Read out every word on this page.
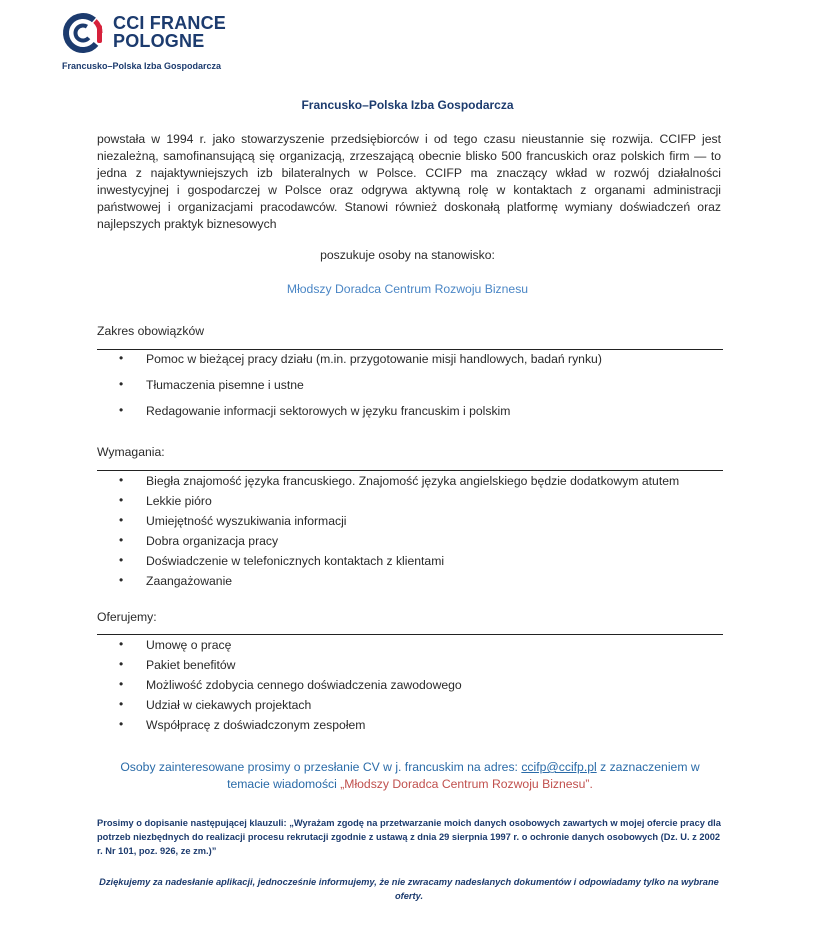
CCI FRANCE
POLOGNE
Francusko–Polska Izba Gospodarcza
Francusko–Polska Izba Gospodarcza
powstała w 1994 r. jako stowarzyszenie przedsiębiorców i od tego czasu nieustannie się rozwija. CCIFP jest niezależną, samofinansującą się organizacją, zrzeszającą obecnie blisko 500 francuskich oraz polskich firm — to jedna z najaktywniejszych izb bilateralnych w Polsce. CCIFP ma znaczący wkład w rozwój działalności inwestycyjnej i gospodarczej w Polsce oraz odgrywa aktywną rolę w kontaktach z organami administracji państwowej i organizacjami pracodawców. Stanowi również doskonałą platformę wymiany doświadczeń oraz najlepszych praktyk biznesowych
poszukuje osoby na stanowisko:
Młodszy Doradca Centrum Rozwoju Biznesu
Zakres obowiązków
• Pomoc w bieżącej pracy działu (m.in. przygotowanie misji handlowych, badań rynku)
• Tłumaczenia pisemne i ustne
• Redagowanie informacji sektorowych w języku francuskim i polskim
Wymagania:
• Biegła znajomość języka francuskiego. Znajomość języka angielskiego będzie dodatkowym atutem
• Lekkie pióro
• Umiejętność wyszukiwania informacji
• Dobra organizacja pracy
• Doświadczenie w telefonicznych kontaktach z klientami
• Zaangażowanie
Oferujemy:
• Umowę o pracę
• Pakiet benefitów
• Możliwość zdobycia cennego doświadczenia zawodowego
• Udział w ciekawych projektach
• Współpracę z doświadczonym zespołem
Osoby zainteresowane prosimy o przesłanie CV w j. francuskim na adres: ccifp@ccifp.pl z zaznaczeniem w temacie wiadomości „Młodszy Doradca Centrum Rozwoju Biznesu”.
Prosimy o dopisanie następującej klauzuli: „Wyrażam zgodę na przetwarzanie moich danych osobowych zawartych w mojej ofercie pracy dla potrzeb niezbędnych do realizacji procesu rekrutacji zgodnie z ustawą z dnia 29 sierpnia 1997 r. o ochronie danych osobowych (Dz. U. z 2002 r. Nr 101, poz. 926, ze zm.)”
Dziękujemy za nadesłanie aplikacji, jednocześnie informujemy, że nie zwracamy nadesłanych dokumentów i odpowiadamy tylko na wybrane oferty.
